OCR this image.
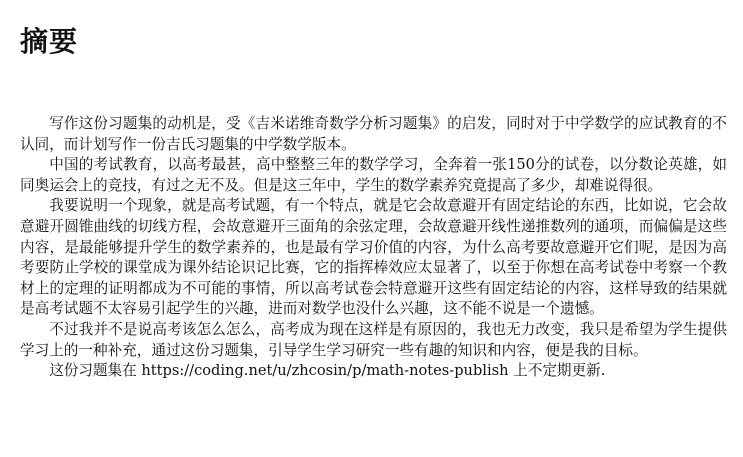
摘要

写作这份习题集的动机是，受《吉米诺维奇数学分析习题集》的启发，同时对于中学数学的应试教育的不认同，而计划写作一份吉氏习题集的中学数学版本。

中国的考试教育，以高考最甚，高中整整三年的数学学习，全奔着一张150分的试卷，以分数论英雄，如同奥运会上的竞技，有过之无不及。但是这三年中，学生的数学素养究竟提高了多少，却难说得很。

我要说明一个现象，就是高考试题，有一个特点，就是它会故意避开有固定结论的东西，比如说，它会故意避开圆锥曲线的切线方程，会故意避开三面角的余弦定理，会故意避开线性递推数列的通项，而偏偏是这些内容，是最能够提升学生的数学素养的，也是最有学习价值的内容，为什么高考要故意避开它们呢，是因为高考要防止学校的课堂成为课外结论识记比赛，它的指挥棒效应太显著了，以至于你想在高考试卷中考察一个教材上的定理的证明都成为不可能的事情，所以高考试卷会特意避开这些有固定结论的内容，这样导致的结果就是高考试题不太容易引起学生的兴趣，进而对数学也没什么兴趣，这不能不说是一个遗憾。

不过我并不是说高考该怎么怎么，高考成为现在这样是有原因的，我也无力改变，我只是希望为学生提供学习上的一种补充，通过这份习题集，引导学生学习研究一些有趣的知识和内容，便是我的目标。

这份习题集在 https://coding.net/u/zhcosin/p/math-notes-publish 上不定期更新.
